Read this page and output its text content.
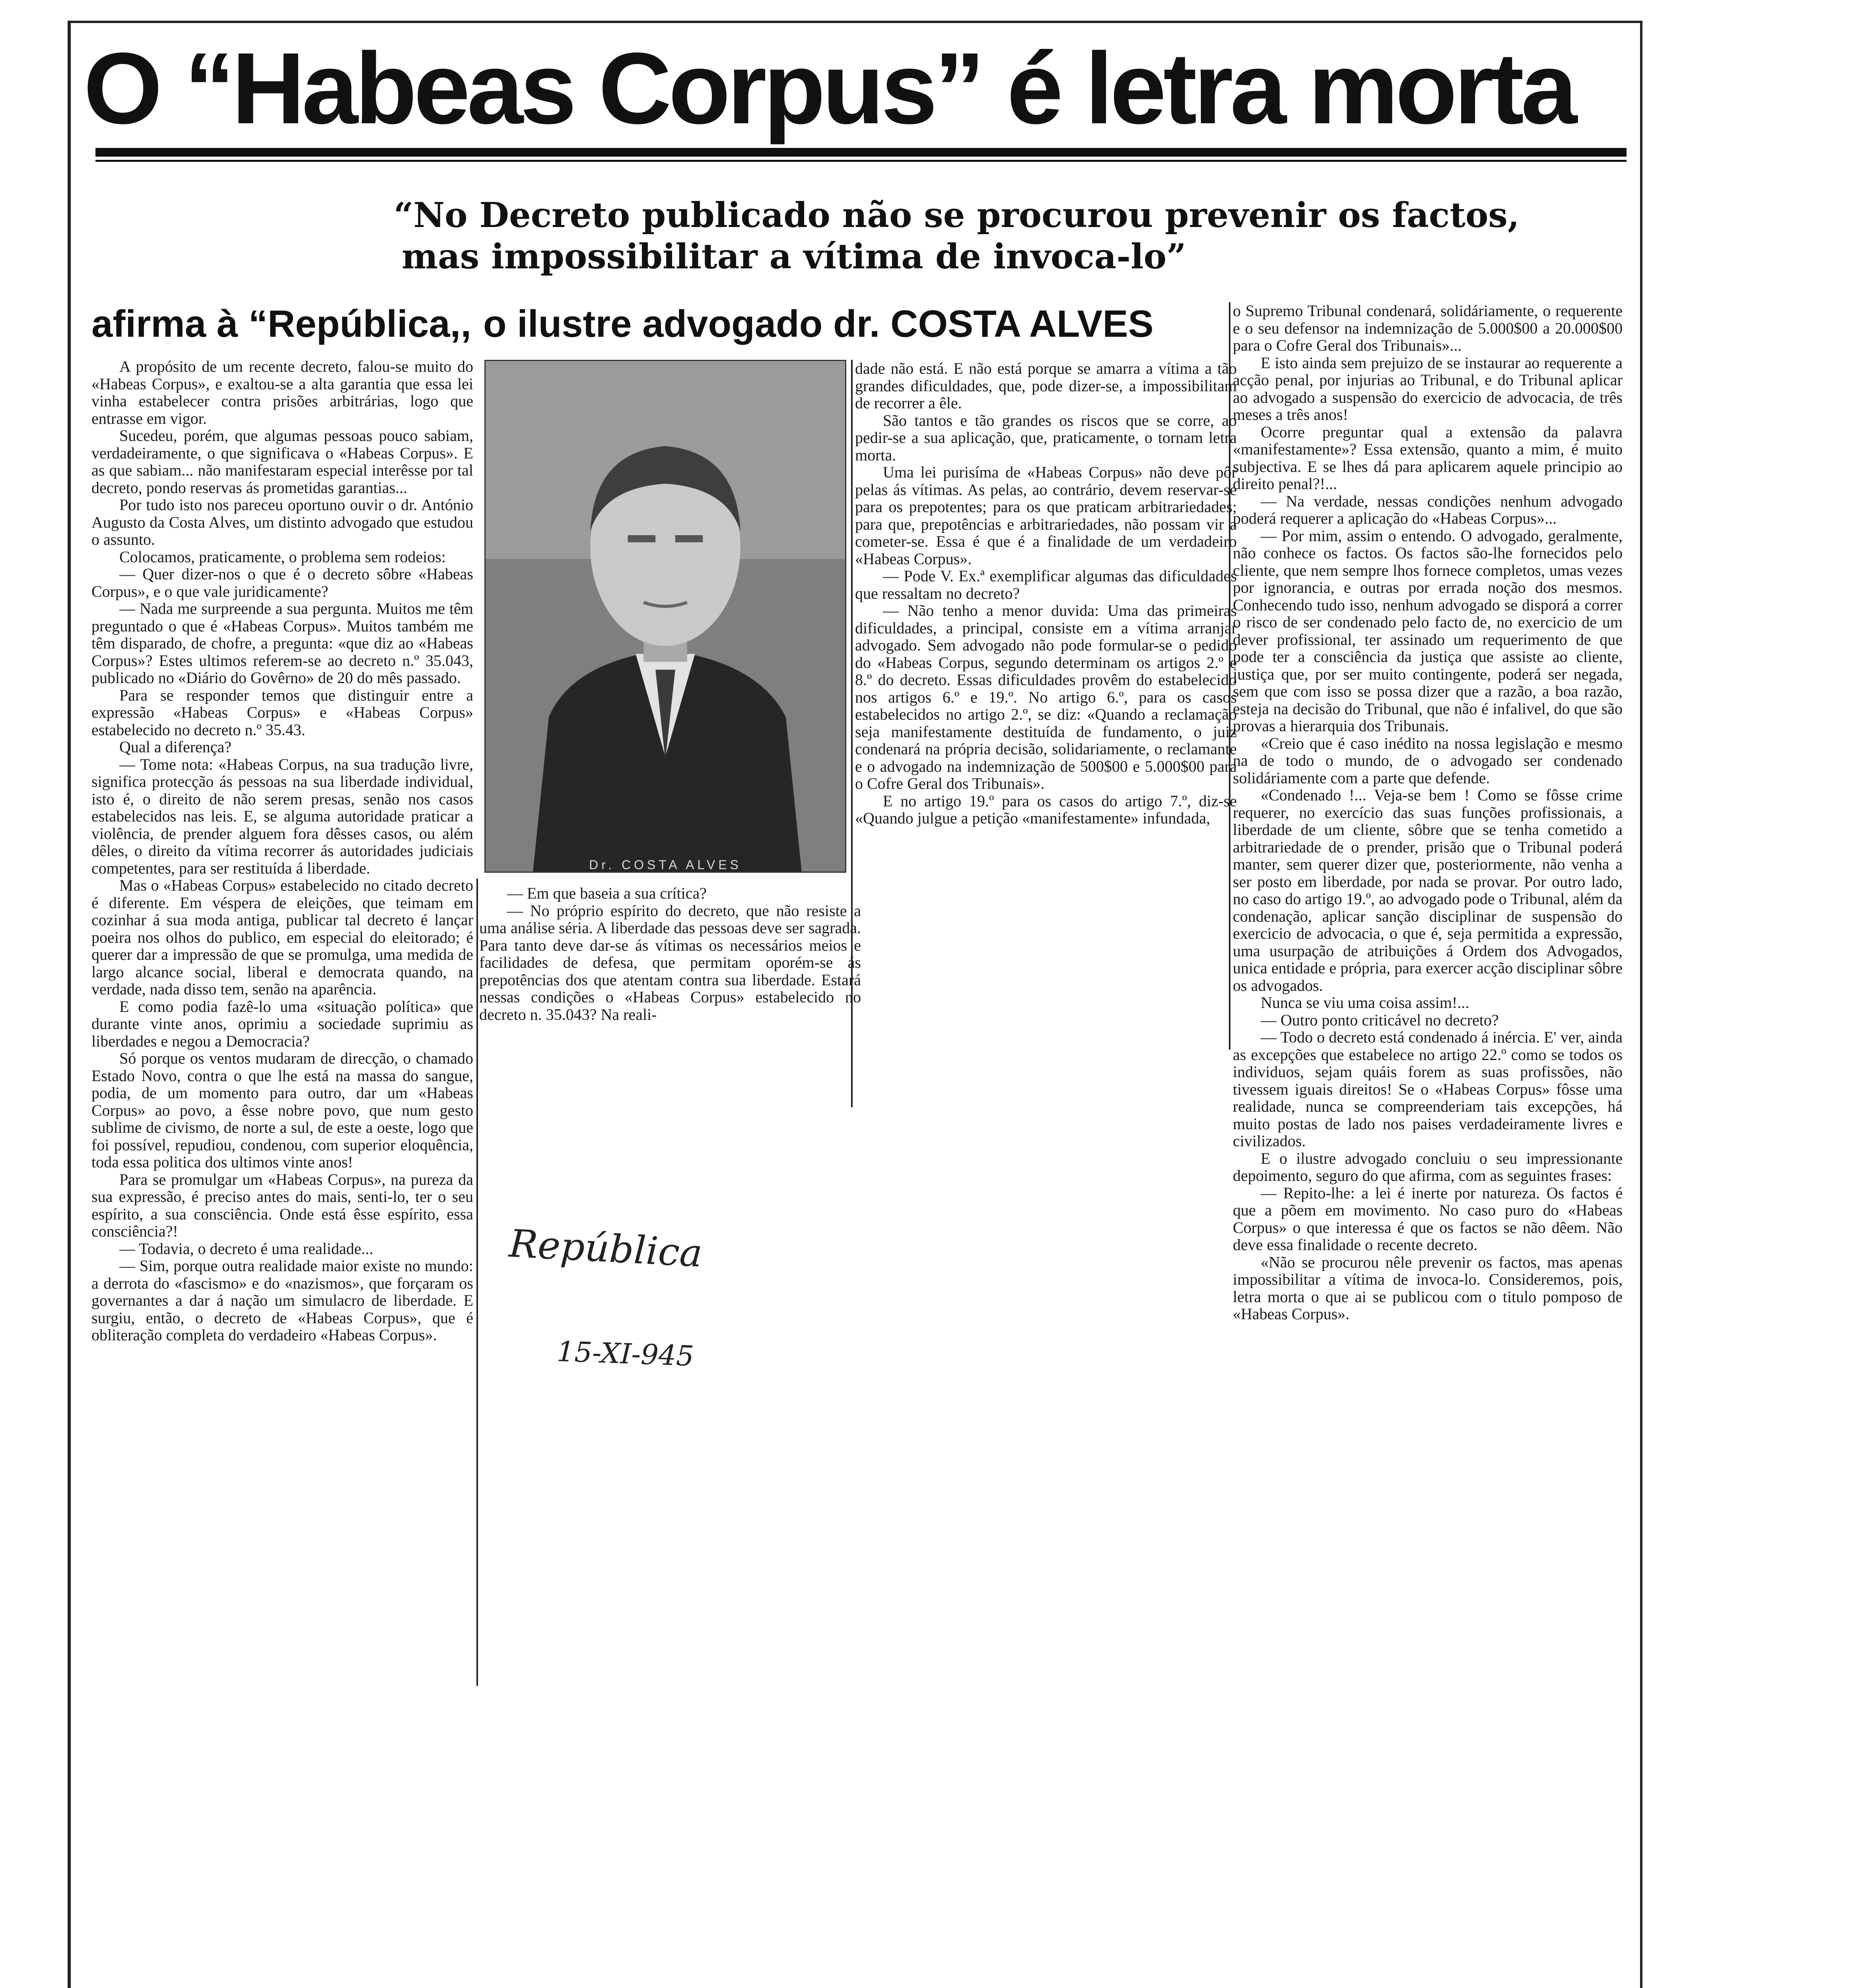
O “Habeas Corpus” é letra morta
“No Decreto publicado não se procurou prevenir os factos,
mas impossibilitar a vítima de invoca-lo”
afirma à “República,, o ilustre advogado dr. COSTA ALVES
Dr. COSTA ALVES

A propósito de um recente decreto, falou-se muito do «Habeas Corpus», e exaltou-se a alta garantia que essa lei vinha estabelecer contra prisões arbitrárias, logo que entrasse em vigor.

Sucedeu, porém, que algumas pessoas pouco sabiam, verdadeiramente, o que significava o «Habeas Corpus». E as que sabiam... não manifestaram especial interêsse por tal decreto, pondo reservas ás prometidas garantias...

Por tudo isto nos pareceu oportuno ouvir o dr. António Augusto da Costa Alves, um distinto advogado que estudou o assunto.

Colocamos, praticamente, o problema sem rodeios:

— Quer dizer-nos o que é o decreto sôbre «Habeas Corpus», e o que vale juridicamente?

— Nada me surpreende a sua pergunta. Muitos me têm preguntado o que é «Habeas Corpus». Muitos também me têm disparado, de chofre, a pregunta: «que diz ao «Habeas Corpus»? Estes ultimos referem-se ao decreto n.º 35.043, publicado no «Diário do Govêrno» de 20 do mês passado.

Para se responder temos que distinguir entre a expressão «Habeas Corpus» e «Habeas Corpus» estabelecido no decreto n.º 35.43.

Qual a diferença?

— Tome nota: «Habeas Corpus, na sua tradução livre, significa protecção ás pessoas na sua liberdade individual, isto é, o direito de não serem presas, senão nos casos estabelecidos nas leis. E, se alguma autoridade praticar a violência, de prender alguem fora dêsses casos, ou além dêles, o direito da vítima recorrer ás autoridades judiciais competentes, para ser restituída á liberdade.

Mas o «Habeas Corpus» estabelecido no citado decreto é diferente. Em véspera de eleições, que teimam em cozinhar á sua moda antiga, publicar tal decreto é lançar poeira nos olhos do publico, em especial do eleitorado; é querer dar a impressão de que se promulga, uma medida de largo alcance social, liberal e democrata quando, na verdade, nada disso tem, senão na aparência.

E como podia fazê-lo uma «situação política» que durante vinte anos, oprimiu a sociedade suprimiu as liberdades e negou a Democracia?

Só porque os ventos mudaram de direcção, o chamado Estado Novo, contra o que lhe está na massa do sangue, podia, de um momento para outro, dar um «Habeas Corpus» ao povo, a êsse nobre povo, que num gesto sublime de civismo, de norte a sul, de este a oeste, logo que foi possível, repudiou, condenou, com superior eloquência, toda essa politica dos ultimos vinte anos!

Para se promulgar um «Habeas Corpus», na pureza da sua expressão, é preciso antes do mais, senti-lo, ter o seu espírito, a sua consciência. Onde está êsse espírito, essa consciência?!

— Todavia, o decreto é uma realidade...

— Sim, porque outra realidade maior existe no mundo: a derrota do «fascismo» e do «nazismos», que forçaram os governantes a dar á nação um simulacro de liberdade. E surgiu, então, o decreto de «Habeas Corpus», que é obliteração completa do verdadeiro «Habeas Corpus».

— Em que baseia a sua crítica?

— No próprio espírito do decreto, que não resiste a uma análise séria. A liberdade das pessoas deve ser sagrada. Para tanto deve dar-se ás vítimas os necessários meios e facilidades de defesa, que permitam oporém-se ás prepotências dos que atentam contra sua liberdade. Estará nessas condições o «Habeas Corpus» estabelecido no decreto n. 35.043? Na reali-

dade não está. E não está porque se amarra a vítima a tão grandes dificuldades, que, pode dizer-se, a impossibilitam de recorrer a êle.

São tantos e tão grandes os riscos que se corre, ao pedir-se a sua aplicação, que, praticamente, o tornam letra morta.

Uma lei purisíma de «Habeas Corpus» não deve pôr pelas ás vítimas. As pelas, ao contrário, devem reservar-se para os prepotentes; para os que praticam arbitrariedades; para que, prepotências e arbitrariedades, não possam vir a cometer-se. Essa é que é a finalidade de um verdadeiro «Habeas Corpus».

— Pode V. Ex.ª exemplificar algumas das dificuldades que ressaltam no decreto?

— Não tenho a menor duvida: Uma das primeiras dificuldades, a principal, consiste em a vítima arranjar advogado. Sem advogado não pode formular-se o pedido do «Habeas Corpus, segundo determinam os artigos 2.º e 8.º do decreto. Essas dificuldades provêm do estabelecido nos artigos 6.º e 19.º. No artigo 6.º, para os casos estabelecidos no artigo 2.º, se diz: «Quando a reclamação seja manifestamente destituída de fundamento, o juiz condenará na própria decisão, solidariamente, o reclamante e o advogado na indemnização de 500$00 e 5.000$00 para o Cofre Geral dos Tribunais».

E no artigo 19.º para os casos do artigo 7.º, diz-se «Quando julgue a petição «manifestamente» infundada,

o Supremo Tribunal condenará, solidáriamente, o requerente e o seu defensor na indemnização de 5.000$00 a 20.000$00 para o Cofre Geral dos Tribunais»...

E isto ainda sem prejuizo de se instaurar ao requerente a acção penal, por injurias ao Tribunal, e do Tribunal aplicar ao advogado a suspensão do exercicio de advocacia, de três meses a três anos!

Ocorre preguntar qual a extensão da palavra «manifestamente»? Essa extensão, quanto a mim, é muito subjectiva. E se lhes dá para aplicarem aquele principio ao direito penal?!...

— Na verdade, nessas condições nenhum advogado poderá requerer a aplicação do «Habeas Corpus»...

— Por mim, assim o entendo. O advogado, geralmente, não conhece os factos. Os factos são-lhe fornecidos pelo cliente, que nem sempre lhos fornece completos, umas vezes por ignorancia, e outras por errada noção dos mesmos. Conhecendo tudo isso, nenhum advogado se disporá a correr o risco de ser condenado pelo facto de, no exercicio de um dever profissional, ter assinado um requerimento de que pode ter a consciência da justiça que assiste ao cliente, justiça que, por ser muito contingente, poderá ser negada, sem que com isso se possa dizer que a razão, a boa razão, esteja na decisão do Tribunal, que não é infalivel, do que são provas a hierarquia dos Tribunais.

«Creio que é caso inédito na nossa legislação e mesmo na de todo o mundo, de o advogado ser condenado solidáriamente com a parte que defende.

«Condenado !... Veja-se bem ! Como se fôsse crime requerer, no exercício das suas funções profissionais, a liberdade de um cliente, sôbre que se tenha cometido a arbitrariedade de o prender, prisão que o Tribunal poderá manter, sem querer dizer que, posteriormente, não venha a ser posto em liberdade, por nada se provar. Por outro lado, no caso do artigo 19.º, ao advogado pode o Tribunal, além da condenação, aplicar sanção disciplinar de suspensão do exercicio de advocacia, o que é, seja permitida a expressão, uma usurpação de atribuições á Ordem dos Advogados, unica entidade e própria, para exercer acção disciplinar sôbre os advogados.

Nunca se viu uma coisa assim!...

— Outro ponto criticável no decreto?

— Todo o decreto está condenado á inércia. E' ver, ainda as excepções que estabelece no artigo 22.º como se todos os individuos, sejam quáis forem as suas profissões, não tivessem iguais direitos! Se o «Habeas Corpus» fôsse uma realidade, nunca se compreenderiam tais excepções, há muito postas de lado nos paises verdadeiramente livres e civilizados.

E o ilustre advogado concluiu o seu impressionante depoimento, seguro do que afirma, com as seguintes frases:

— Repito-lhe: a lei é inerte por natureza. Os factos é que a põem em movimento. No caso puro do «Habeas Corpus» o que interessa é que os factos se não dêem. Não deve essa finalidade o recente decreto.

«Não se procurou nêle prevenir os factos, mas apenas impossibilitar a vítima de invoca-lo. Consideremos, pois, letra morta o que ai se publicou com o titulo pomposo de «Habeas Corpus».

República
15-XI-945
